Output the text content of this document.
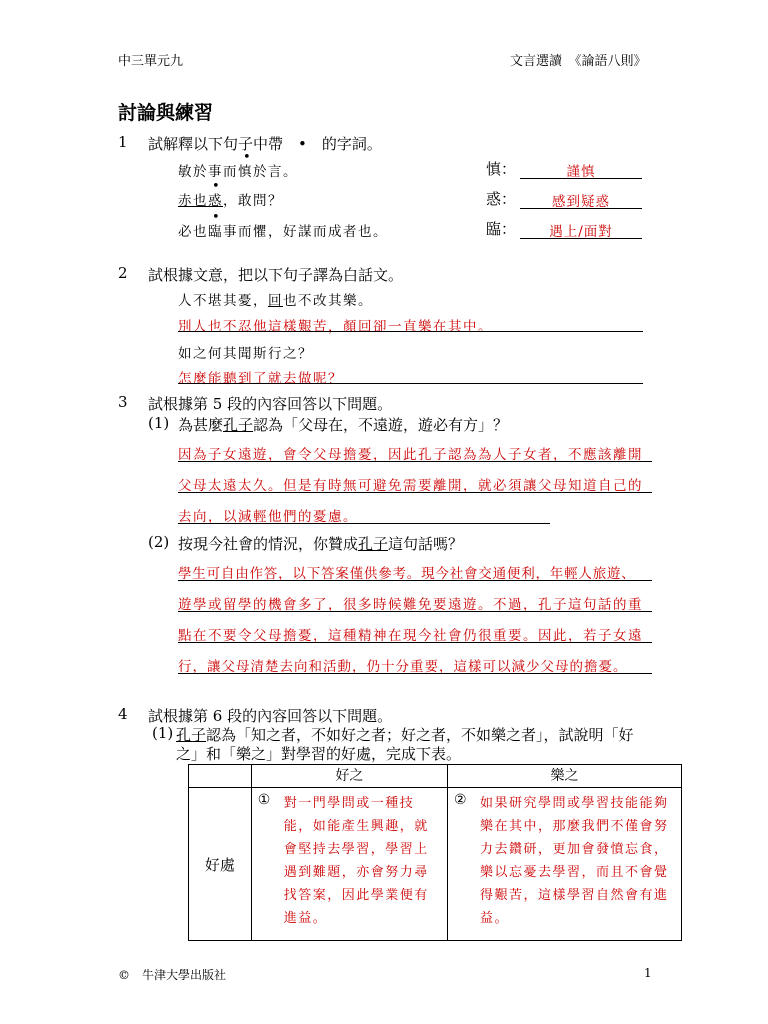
中三單元九	文言選讀　《論語八則》
討論與練習
1 試解釋以下句子中帶　•　的字詞。
敏於事而慎於言。
•
慎：	謹慎
赤也惑，敢問？
•
惑：	感到疑惑
必也臨事而懼，好謀而成者也。
•
臨：	遇上/面對
2 試根據文意，把以下句子譯為白話文。
人不堪其憂，回也不改其樂。
別人也不忍他這樣艱苦，顏回卻一直樂在其中。
如之何其聞斯行之？
怎麼能聽到了就去做呢？
3 試根據第 5 段的內容回答以下問題。
(1) 為甚麼孔子認為「父母在，不遠遊，遊必有方」？
因為子女遠遊，會令父母擔憂，因此孔子認為為人子女者，不應該離開
父母太遠太久。但是有時無可避免需要離開，就必須讓父母知道自己的
去向，以減輕他們的憂慮。
(2) 按現今社會的情況，你贊成孔子這句話嗎？
學生可自由作答，以下答案僅供參考。現今社會交通便利，年輕人旅遊、
遊學或留學的機會多了，很多時候難免要遠遊。不過，孔子這句話的重
點在不要令父母擔憂，這種精神在現今社會仍很重要。因此，若子女遠
行，讓父母清楚去向和活動，仍十分重要，這樣可以減少父母的擔憂。
4 試根據第 6 段的內容回答以下問題。
(1) 孔子認為「知之者，不如好之者；好之者，不如樂之者」，試說明「好
之」和「樂之」對學習的好處，完成下表。
	好之	樂之
好處	① 對一門學問或一種技能，如能產生興趣，就會堅持去學習，學習上遇到難題，亦會努力尋找答案，因此學業便有進益。	② 如果研究學問或學習技能能夠樂在其中，那麼我們不僅會努力去鑽研，更加會發憤忘食，樂以忘憂去學習，而且不會覺得艱苦，這樣學習自然會有進益。
©　牛津大學出版社	1
